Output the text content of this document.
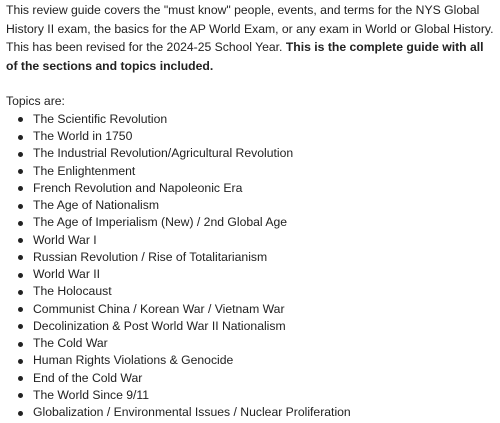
This review guide covers the "must know" people, events, and terms for the NYS Global History II exam, the basics for the AP World Exam, or any exam in World or Global History. This has been revised for the 2024-25 School Year. This is the complete guide with all of the sections and topics included.

Topics are:

The Scientific Revolution
The World in 1750
The Industrial Revolution/Agricultural Revolution
The Enlightenment
French Revolution and Napoleonic Era
The Age of Nationalism
The Age of Imperialism (New) / 2nd Global Age
World War I
Russian Revolution / Rise of Totalitarianism
World War II
The Holocaust
Communist China / Korean War / Vietnam War
Decolinization & Post World War II Nationalism
The Cold War
Human Rights Violations & Genocide
End of the Cold War
The World Since 9/11
Globalization / Environmental Issues / Nuclear Proliferation
